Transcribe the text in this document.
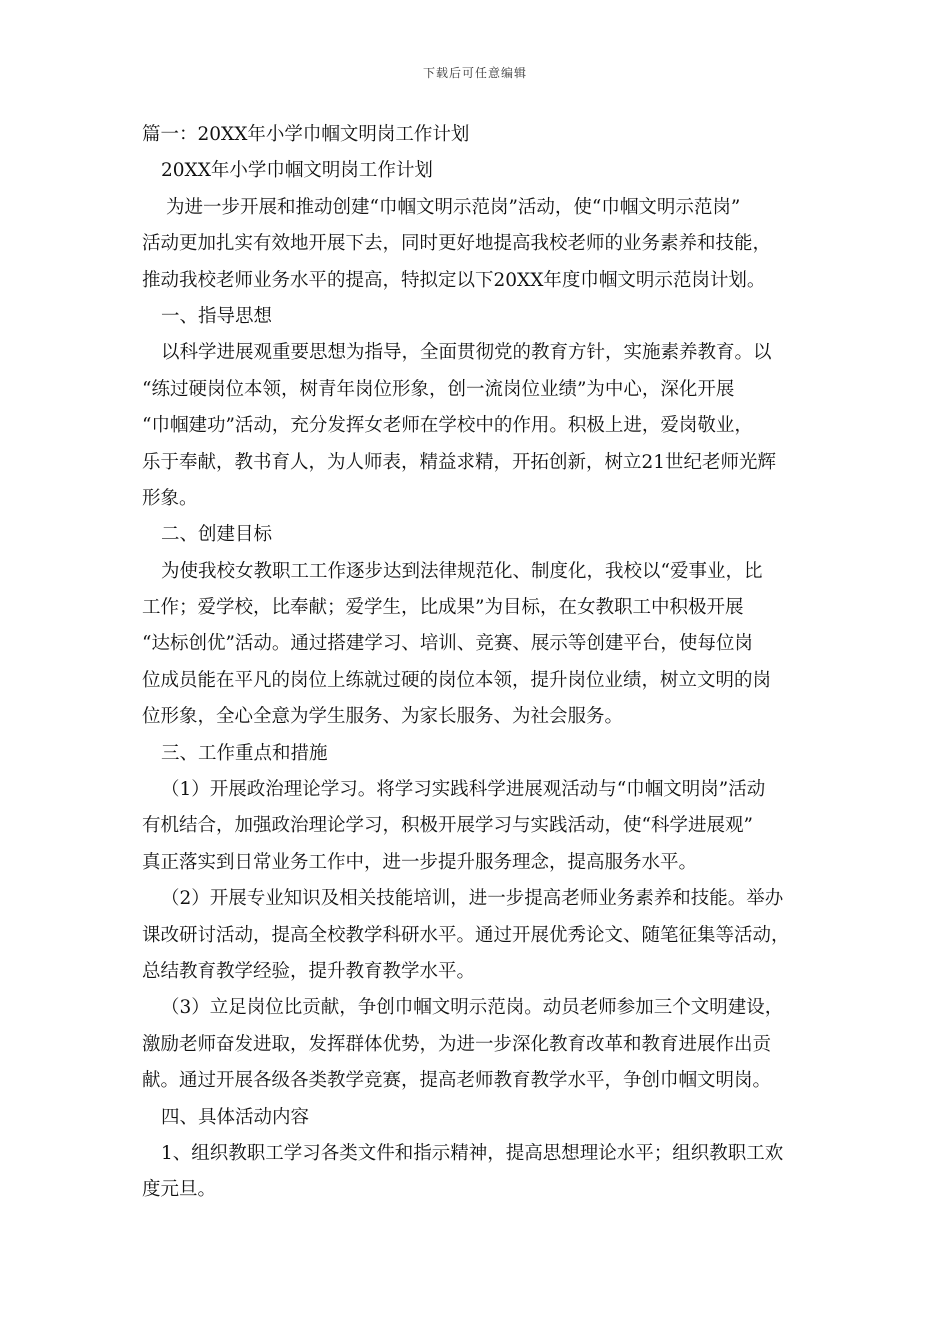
下载后可任意编辑
篇一：20XX年小学巾帼文明岗工作计划
20XX年小学巾帼文明岗工作计划
为进一步开展和推动创建“巾帼文明示范岗”活动，使“巾帼文明示范岗”
活动更加扎实有效地开展下去，同时更好地提高我校老师的业务素养和技能，
推动我校老师业务水平的提高，特拟定以下20XX年度巾帼文明示范岗计划。
一、指导思想
以科学进展观重要思想为指导，全面贯彻党的教育方针，实施素养教育。以
“练过硬岗位本领，树青年岗位形象，创一流岗位业绩”为中心，深化开展
“巾帼建功”活动，充分发挥女老师在学校中的作用。积极上进，爱岗敬业，
乐于奉献，教书育人，为人师表，精益求精，开拓创新，树立21世纪老师光辉
形象。
二、创建目标
为使我校女教职工工作逐步达到法律规范化、制度化，我校以“爱事业，比
工作；爱学校，比奉献；爱学生，比成果”为目标，在女教职工中积极开展
“达标创优”活动。通过搭建学习、培训、竞赛、展示等创建平台，使每位岗
位成员能在平凡的岗位上练就过硬的岗位本领，提升岗位业绩，树立文明的岗
位形象，全心全意为学生服务、为家长服务、为社会服务。
三、工作重点和措施
（1）开展政治理论学习。将学习实践科学进展观活动与“巾帼文明岗”活动
有机结合，加强政治理论学习，积极开展学习与实践活动，使“科学进展观”
真正落实到日常业务工作中，进一步提升服务理念，提高服务水平。
（2）开展专业知识及相关技能培训，进一步提高老师业务素养和技能。举办
课改研讨活动，提高全校教学科研水平。通过开展优秀论文、随笔征集等活动，
总结教育教学经验，提升教育教学水平。
（3）立足岗位比贡献，争创巾帼文明示范岗。动员老师参加三个文明建设，
激励老师奋发进取，发挥群体优势，为进一步深化教育改革和教育进展作出贡
献。通过开展各级各类教学竞赛，提高老师教育教学水平，争创巾帼文明岗。
四、具体活动内容
1、组织教职工学习各类文件和指示精神，提高思想理论水平；组织教职工欢
度元旦。
